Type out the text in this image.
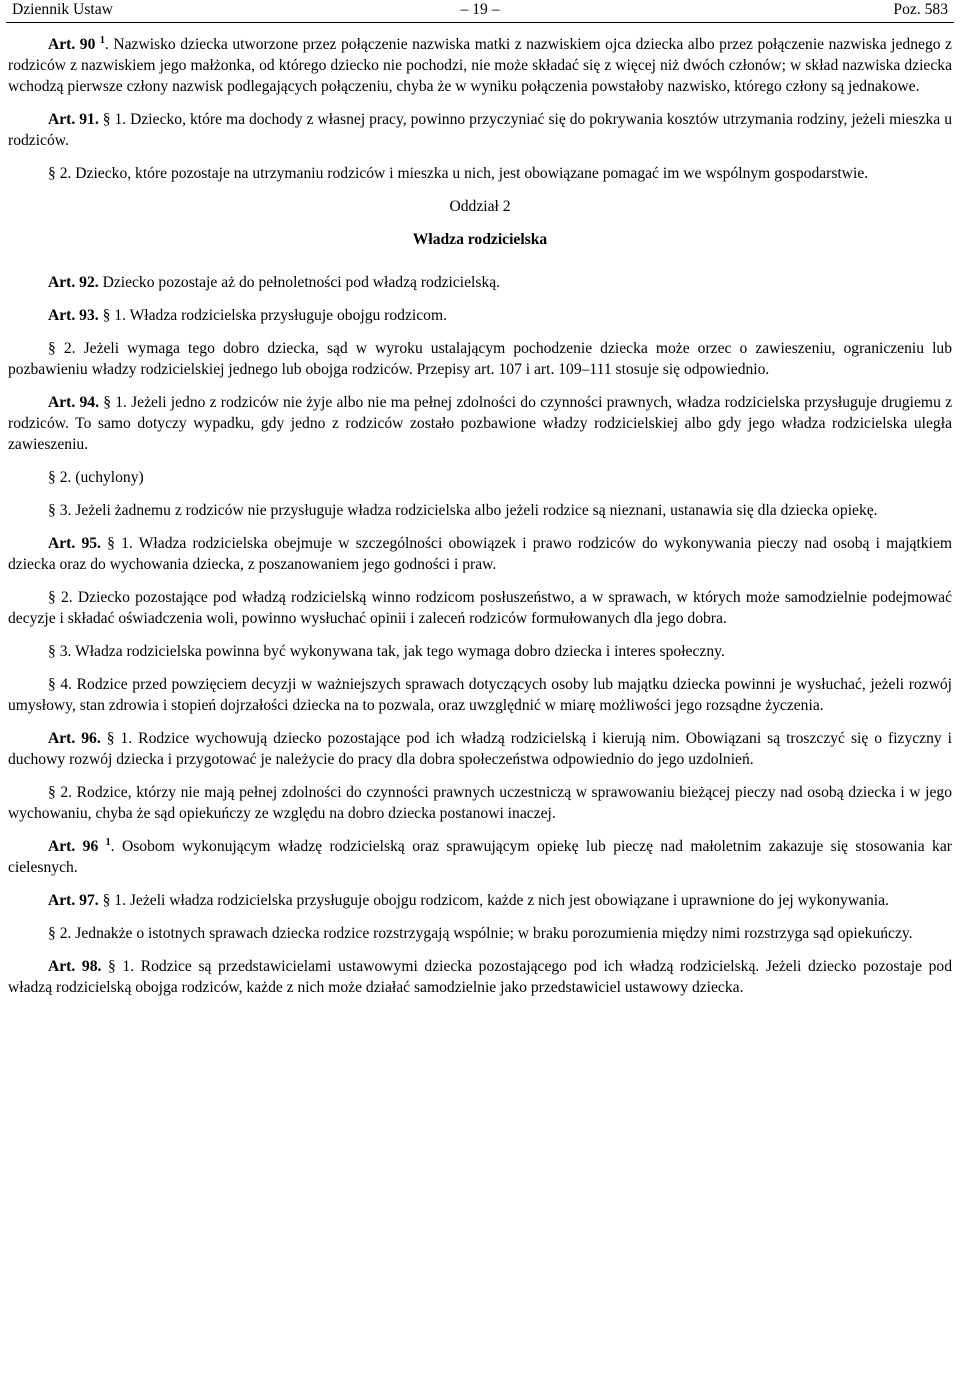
Dziennik Ustaw	– 19 –	Poz. 583

Art. 90 $^1$. Nazwisko dziecka utworzone przez połączenie nazwiska matki z nazwiskiem ojca dziecka albo przez połączenie nazwiska jednego z rodziców z nazwiskiem jego małżonka, od którego dziecko nie pochodzi, nie może składać się z więcej niż dwóch członów; w skład nazwiska dziecka wchodzą pierwsze człony nazwisk podlegających połączeniu, chyba że w wyniku połączenia powstałoby nazwisko, którego człony są jednakowe.

Art. 91. § 1. Dziecko, które ma dochody z własnej pracy, powinno przyczyniać się do pokrywania kosztów utrzymania rodziny, jeżeli mieszka u rodziców.

§ 2. Dziecko, które pozostaje na utrzymaniu rodziców i mieszka u nich, jest obowiązane pomagać im we wspólnym gospodarstwie.

Oddział 2
Władza rodzicielska

Art. 92. Dziecko pozostaje aż do pełnoletności pod władzą rodzicielską.

Art. 93. § 1. Władza rodzicielska przysługuje obojgu rodzicom.

§ 2. Jeżeli wymaga tego dobro dziecka, sąd w wyroku ustalającym pochodzenie dziecka może orzec o zawieszeniu, ograniczeniu lub pozbawieniu władzy rodzicielskiej jednego lub obojga rodziców. Przepisy art. 107 i art. 109–111 stosuje się odpowiednio.

Art. 94. § 1. Jeżeli jedno z rodziców nie żyje albo nie ma pełnej zdolności do czynności prawnych, władza rodzicielska przysługuje drugiemu z rodziców. To samo dotyczy wypadku, gdy jedno z rodziców zostało pozbawione władzy rodzicielskiej albo gdy jego władza rodzicielska uległa zawieszeniu.

§ 2. (uchylony)

§ 3. Jeżeli żadnemu z rodziców nie przysługuje władza rodzicielska albo jeżeli rodzice są nieznani, ustanawia się dla dziecka opiekę.

Art. 95. § 1. Władza rodzicielska obejmuje w szczególności obowiązek i prawo rodziców do wykonywania pieczy nad osobą i majątkiem dziecka oraz do wychowania dziecka, z poszanowaniem jego godności i praw.

§ 2. Dziecko pozostające pod władzą rodzicielską winno rodzicom posłuszeństwo, a w sprawach, w których może samodzielnie podejmować decyzje i składać oświadczenia woli, powinno wysłuchać opinii i zaleceń rodziców formułowanych dla jego dobra.

§ 3. Władza rodzicielska powinna być wykonywana tak, jak tego wymaga dobro dziecka i interes społeczny.

§ 4. Rodzice przed powzięciem decyzji w ważniejszych sprawach dotyczących osoby lub majątku dziecka powinni je wysłuchać, jeżeli rozwój umysłowy, stan zdrowia i stopień dojrzałości dziecka na to pozwala, oraz uwzględnić w miarę możliwości jego rozsądne życzenia.

Art. 96. § 1. Rodzice wychowują dziecko pozostające pod ich władzą rodzicielską i kierują nim. Obowiązani są troszczyć się o fizyczny i duchowy rozwój dziecka i przygotować je należycie do pracy dla dobra społeczeństwa odpowiednio do jego uzdolnień.

§ 2. Rodzice, którzy nie mają pełnej zdolności do czynności prawnych uczestniczą w sprawowaniu bieżącej pieczy nad osobą dziecka i w jego wychowaniu, chyba że sąd opiekuńczy ze względu na dobro dziecka postanowi inaczej.

Art. 96 $^1$. Osobom wykonującym władzę rodzicielską oraz sprawującym opiekę lub pieczę nad małoletnim zakazuje się stosowania kar cielesnych.

Art. 97. § 1. Jeżeli władza rodzicielska przysługuje obojgu rodzicom, każde z nich jest obowiązane i uprawnione do jej wykonywania.

§ 2. Jednakże o istotnych sprawach dziecka rodzice rozstrzygają wspólnie; w braku porozumienia między nimi rozstrzyga sąd opiekuńczy.

Art. 98. § 1. Rodzice są przedstawicielami ustawowymi dziecka pozostającego pod ich władzą rodzicielską. Jeżeli dziecko pozostaje pod władzą rodzicielską obojga rodziców, każde z nich może działać samodzielnie jako przedstawiciel ustawowy dziecka.
